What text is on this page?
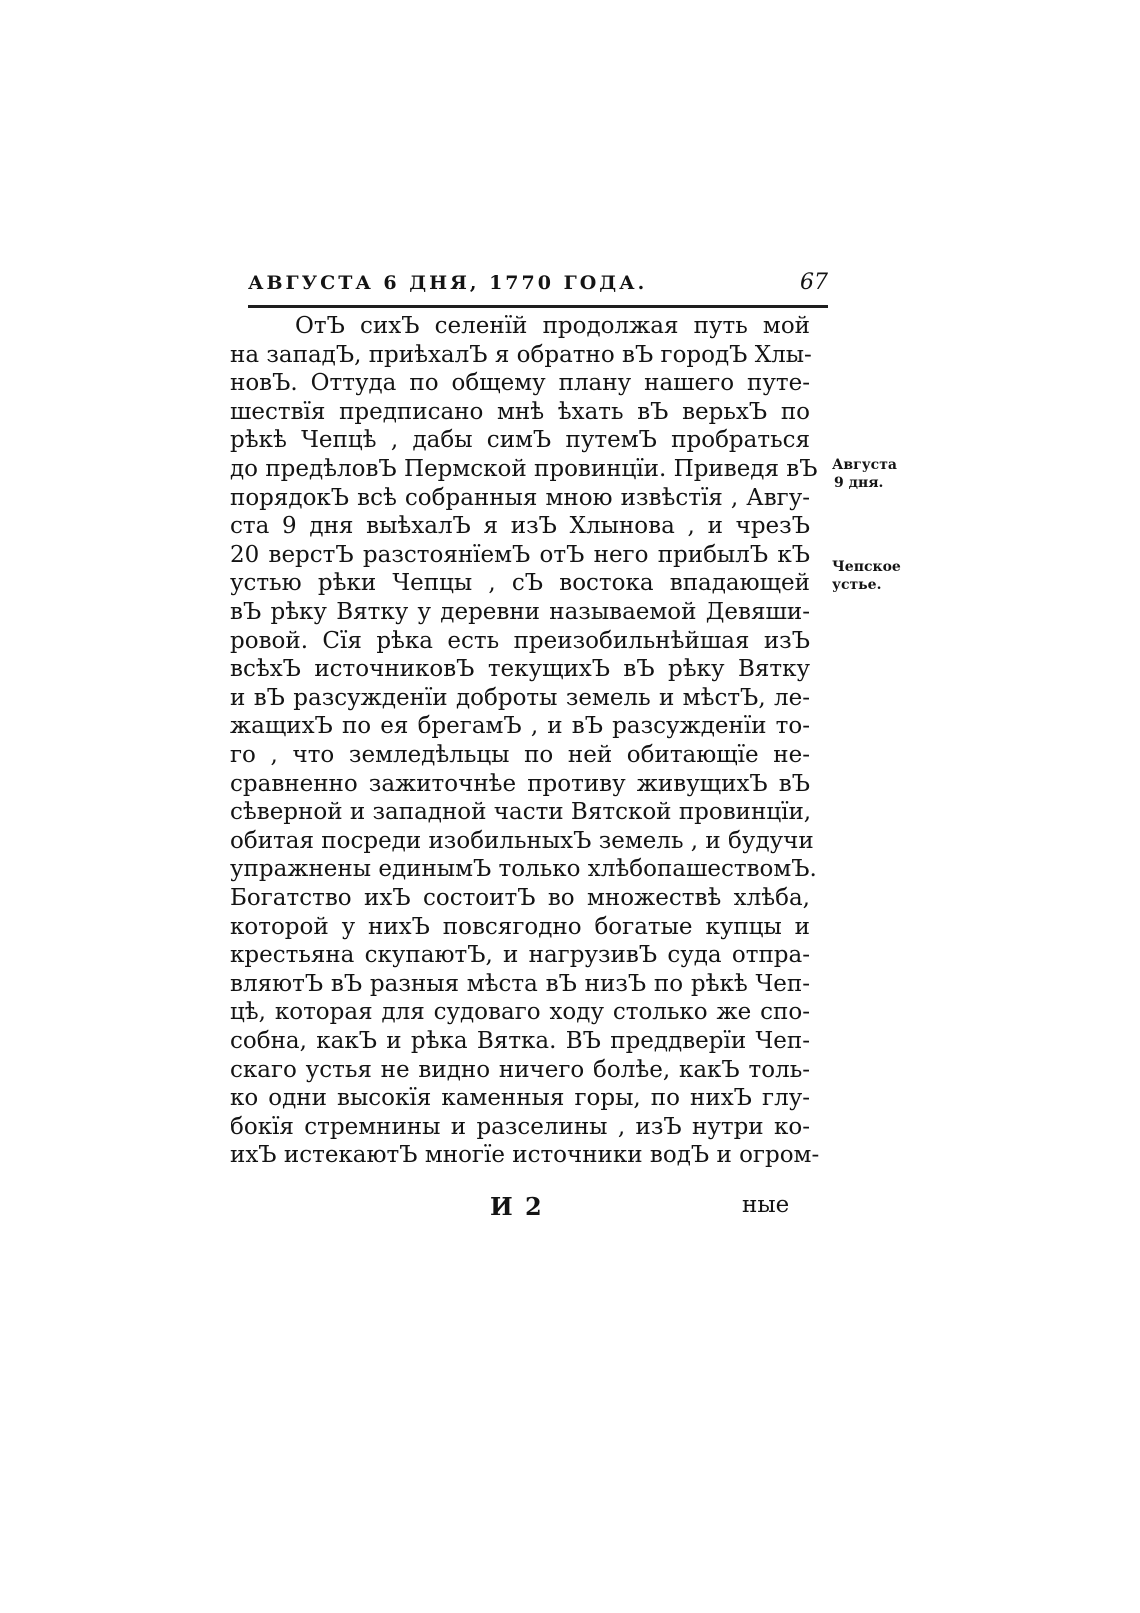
АВГУСТА 6 ДНЯ, 1770 ГОДА.	67
ОтЪ сихЪ селенїй продолжая путь мой
на западЪ, приѣхалЪ я обратно вЪ городЪ Хлы-
новЪ. Оттуда по общему плану нашего путе-
шествїя предписано мнѣ ѣхать вЪ верьхЪ по
рѣкѣ Чепцѣ , дабы симЪ путемЪ пробраться
до предѣловЪ Пермской провинцїи. Приведя вЪ
порядокЪ всѣ собранныя мною извѣстїя , Авгу-
ста 9 дня выѣхалЪ я изЪ Хлынова , и чрезЪ
20 верстЪ разстоянїемЪ отЪ него прибылЪ кЪ
устью рѣки Чепцы , сЪ востока впадающей
вЪ рѣку Вятку у деревни называемой Девяши-
ровой. Сїя рѣка есть преизобильнѣйшая изЪ
всѣхЪ источниковЪ текущихЪ вЪ рѣку Вятку
и вЪ разсужденїи доброты земель и мѣстЪ, ле-
жащихЪ по ея брегамЪ , и вЪ разсужденїи то-
го , что земледѣльцы по ней обитающїе не-
сравненно зажиточнѣе противу живущихЪ вЪ
сѣверной и западной части Вятской провинцїи,
обитая посреди изобильныхЪ земель , и будучи
упражнены единымЪ только хлѣбопашествомЪ.
Богатство ихЪ состоитЪ во множествѣ хлѣба,
которой у нихЪ повсягодно богатые купцы и
крестьяна скупаютЪ, и нагрузивЪ суда отпра-
вляютЪ вЪ разныя мѣста вЪ низЪ по рѣкѣ Чеп-
цѣ, которая для судоваго ходу столько же спо-
собна, какЪ и рѣка Вятка. ВЪ преддверїи Чеп-
скаго устья не видно ничего болѣе, какЪ толь-
ко одни высокїя каменныя горы, по нихЪ глу-
бокїя стремнины и разселины , изЪ нутри ко-
ихЪ истекаютЪ многїе источники водЪ и огром-
Августа
9 дня.
Чепское
устье.
И 2	ные
